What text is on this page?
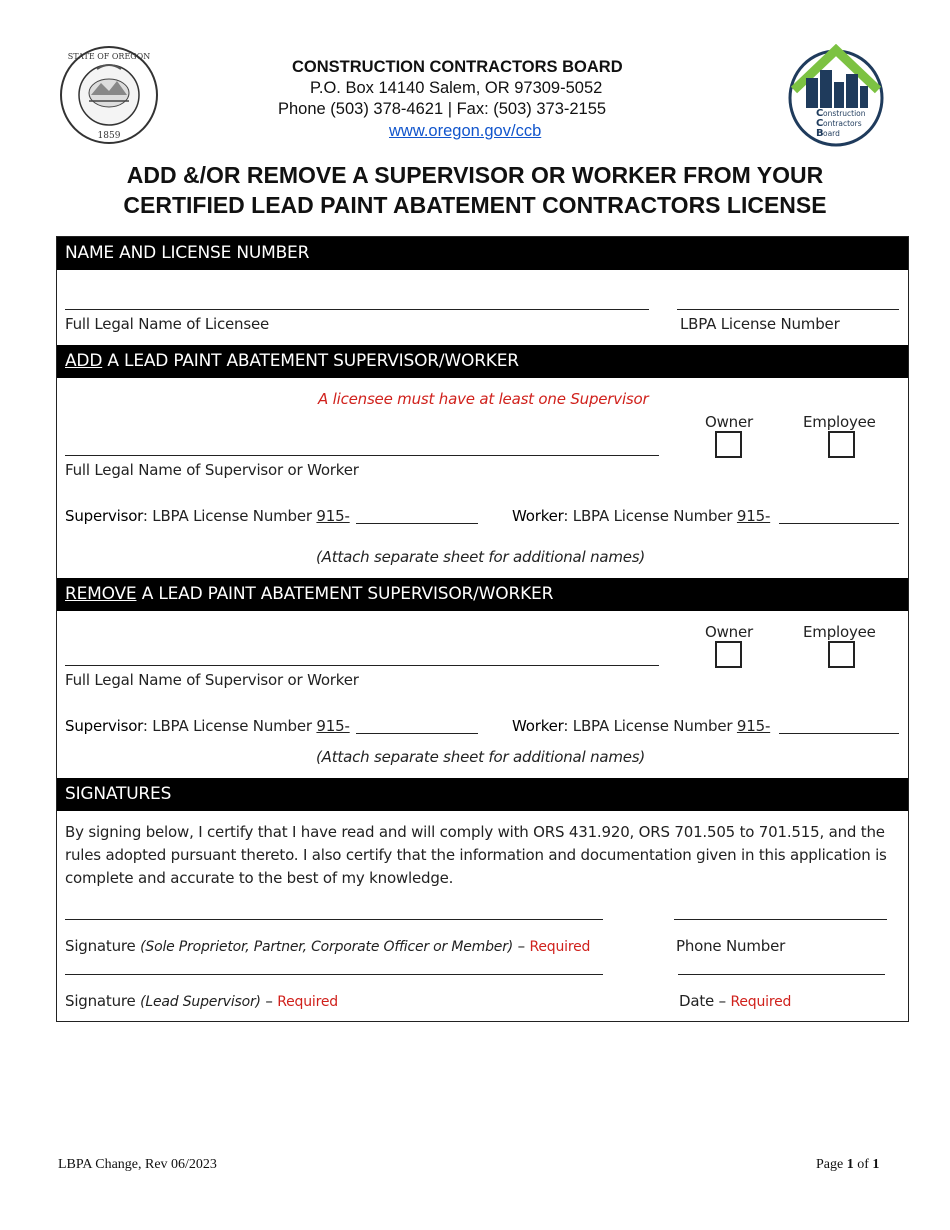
STATE OF OREGON
1859
CONSTRUCTION CONTRACTORS BOARD
P.O. Box 14140 Salem, OR 97309-5052
Phone (503) 378-4621 | Fax: (503) 373-2155
www.oregon.gov/ccb
C onstruction
C ontractors
B oard
ADD &/OR REMOVE A SUPERVISOR OR WORKER FROM YOUR
CERTIFIED LEAD PAINT ABATEMENT CONTRACTORS LICENSE
NAME AND LICENSE NUMBER
Full Legal Name of Licensee	LBPA License Number
ADD A LEAD PAINT ABATEMENT SUPERVISOR/WORKER
A licensee must have at least one Supervisor
Owner	Employee
Full Legal Name of Supervisor or Worker
Supervisor: LBPA License Number 915-	Worker: LBPA License Number 915-
(Attach separate sheet for additional names)
REMOVE A LEAD PAINT ABATEMENT SUPERVISOR/WORKER
Owner	Employee
Full Legal Name of Supervisor or Worker
Supervisor: LBPA License Number 915-	Worker: LBPA License Number 915-
(Attach separate sheet for additional names)
SIGNATURES
By signing below, I certify that I have read and will comply with ORS 431.920, ORS 701.505 to 701.515, and the rules adopted pursuant thereto. I also certify that the information and documentation given in this application is complete and accurate to the best of my knowledge.
Signature (Sole Proprietor, Partner, Corporate Officer or Member) – Required	Phone Number
Signature (Lead Supervisor) – Required	Date – Required
LBPA Change, Rev 06/2023	Page 1 of 1
